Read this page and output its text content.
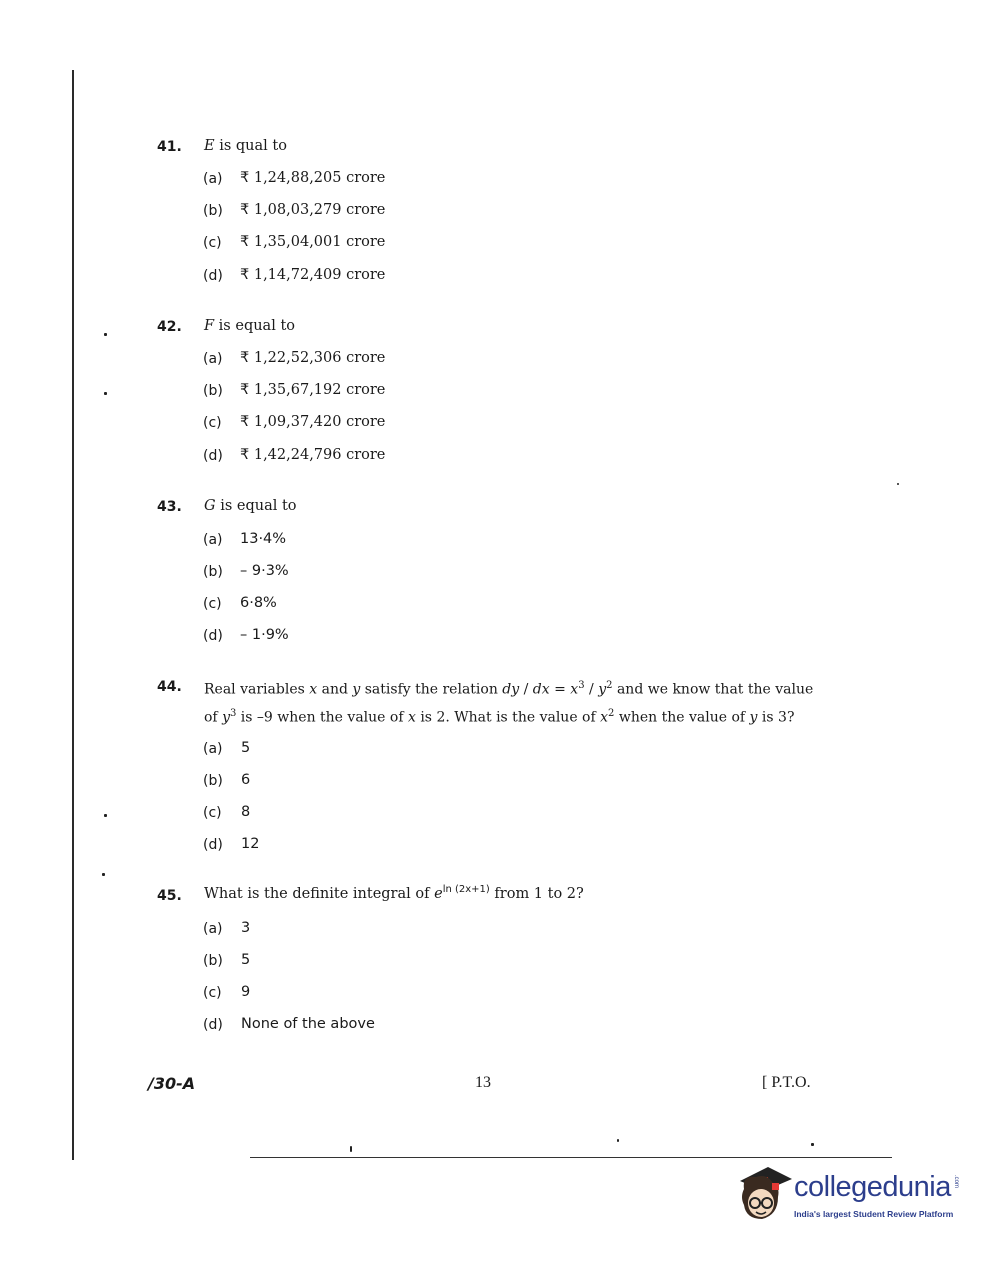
41. E is qual to
(a) ₹ 1,24,88,205 crore
(b) ₹ 1,08,03,279 crore
(c) ₹ 1,35,04,001 crore
(d) ₹ 1,14,72,409 crore
42. F is equal to
(a) ₹ 1,22,52,306 crore
(b) ₹ 1,35,67,192 crore
(c) ₹ 1,09,37,420 crore
(d) ₹ 1,42,24,796 crore
43. G is equal to
(a) 13·4%
(b) – 9·3%
(c) 6·8%
(d) – 1·9%
44. Real variables x and y satisfy the relation dy / dx = $x^3 / y^2$ and we know that the value
of $y^3$ is –9 when the value of x is 2. What is the value of $x^2$ when the value of y is 3?
(a) 5
(b) 6
(c) 8
(d) 12
45. What is the definite integral of $e^{ln (2x+1)}$ from 1 to 2?
(a) 3
(b) 5
(c) 9
(d) None of the above
/30-A	13	[ P.T.O.
collegedunia .com
India's largest Student Review Platform
